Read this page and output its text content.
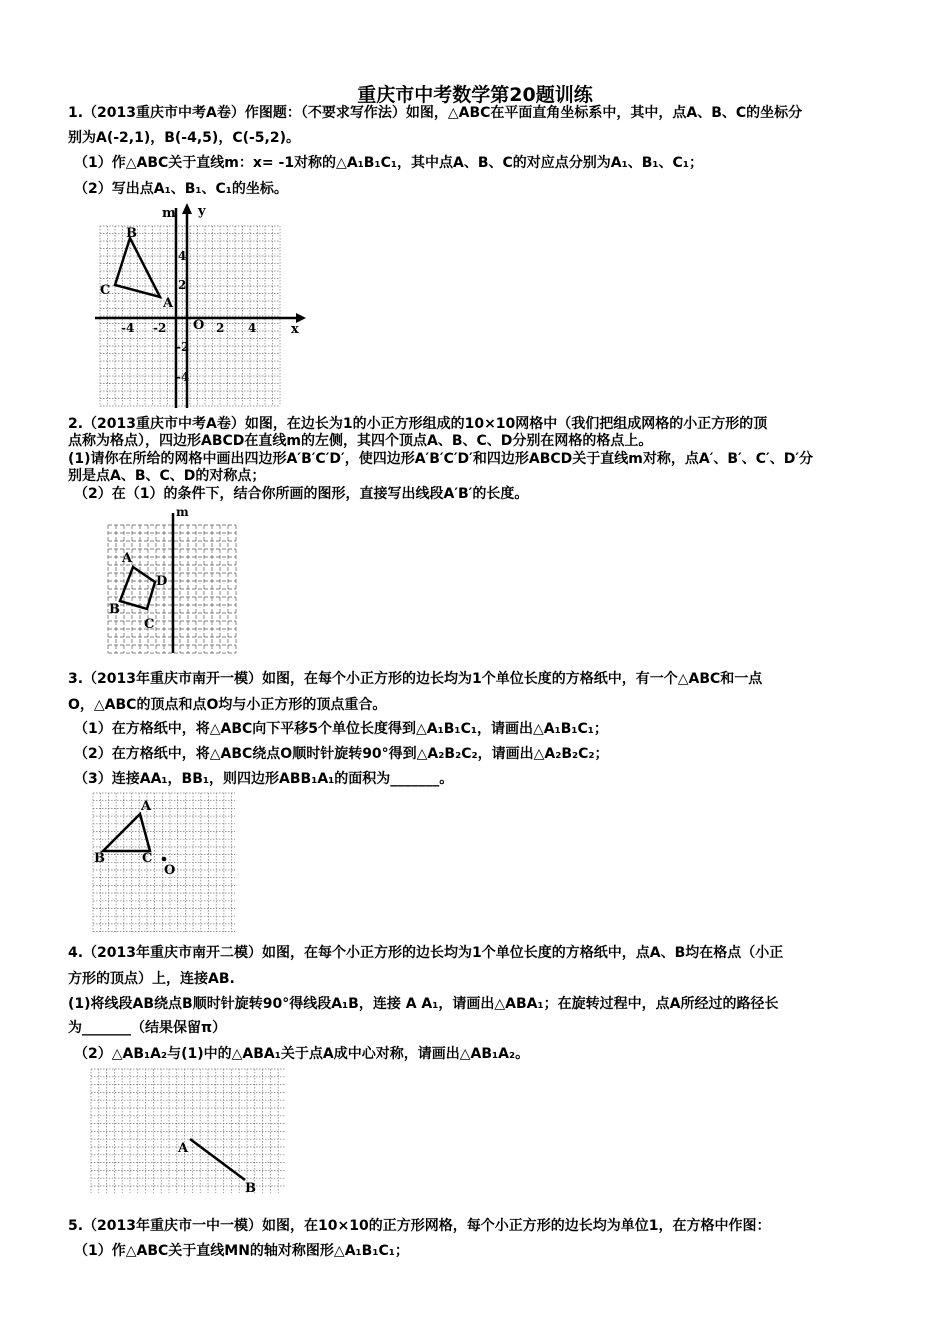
重庆市中考数学第20题训练
1.（2013重庆市中考A卷）作图题：（不要求写作法）如图，△ABC在平面直角坐标系中，其中，点A、B、C的坐标分
别为A(-2,1)，B(-4,5)，C(-5,2)。
（1）作△ABC关于直线m：x= -1对称的△A₁B₁C₁，其中点A、B、C的对应点分别为A₁、B₁、C₁；
（2）写出点A₁、B₁、C₁的坐标。
m y
x
O
A
B
C
4
2
-2
-4
-4 -2	2 4
2.（2013重庆市中考A卷）如图，在边长为1的小正方形组成的10×10网格中（我们把组成网格的小正方形的顶
点称为格点），四边形ABCD在直线m的左侧，其四个顶点A、B、C、D分别在网格的格点上。
(1)请你在所给的网格中画出四边形A′B′C′D′，使四边形A′B′C′D′和四边形ABCD关于直线m对称，点A′、B′、C′、D′分
别是点A、B、C、D的对称点；
（2）在（1）的条件下，结合你所画的图形，直接写出线段A′B′的长度。
m
A
B
C
D
3.（2013年重庆市南开一模）如图，在每个小正方形的边长均为1个单位长度的方格纸中，有一个△ABC和一点
O，△ABC的顶点和点O均与小正方形的顶点重合。
（1）在方格纸中，将△ABC向下平移5个单位长度得到△A₁B₁C₁，请画出△A₁B₁C₁；
（2）在方格纸中，将△ABC绕点O顺时针旋转90°得到△A₂B₂C₂，请画出△A₂B₂C₂；
（3）连接AA₁，BB₁，则四边形ABB₁A₁的面积为_______。
A
B	C
O
4.（2013年重庆市南开二模）如图，在每个小正方形的边长均为1个单位长度的方格纸中，点A、B均在格点（小正
方形的顶点）上，连接AB.
(1)将线段AB绕点B顺时针旋转90°得线段A₁B，连接 A A₁，请画出△ABA₁；在旋转过程中，点A所经过的路径长
为_______（结果保留π）
（2）△AB₁A₂与(1)中的△ABA₁关于点A成中心对称，请画出△AB₁A₂。
A
B
5.（2013年重庆市一中一模）如图，在10×10的正方形网格，每个小正方形的边长均为单位1，在方格中作图：
（1）作△ABC关于直线MN的轴对称图形△A₁B₁C₁；
